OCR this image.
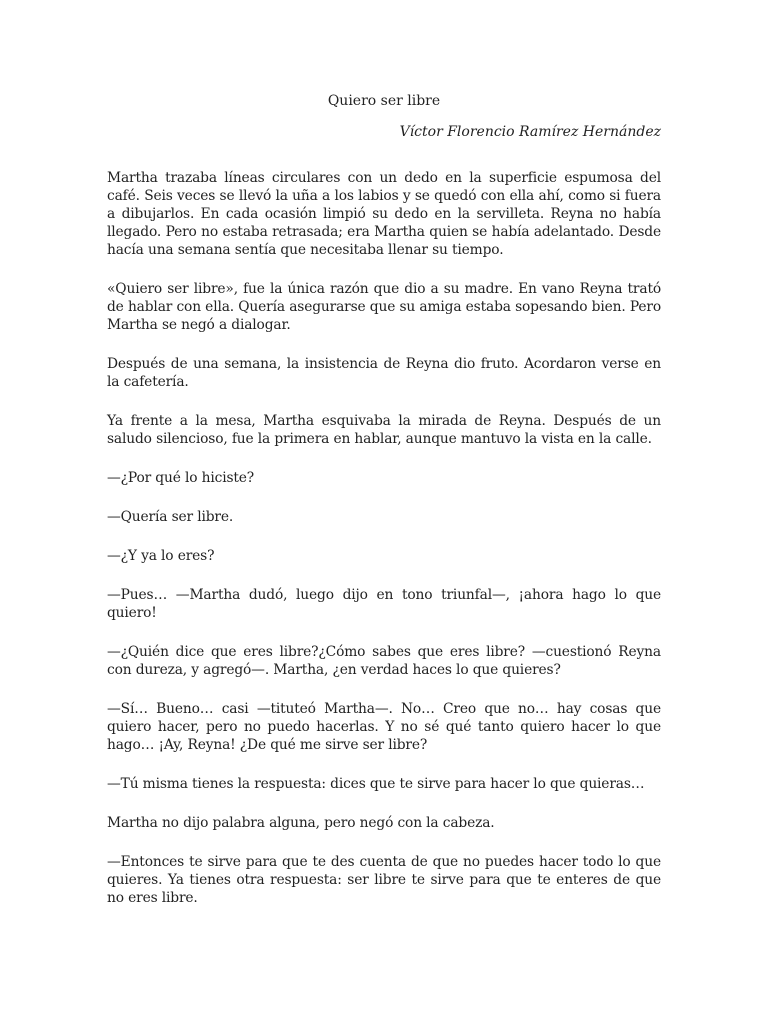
Quiero ser libre
Víctor Florencio Ramírez Hernández

Martha trazaba líneas circulares con un dedo en la superficie espumosa del café. Seis veces se llevó la uña a los labios y se quedó con ella ahí, como si fuera a dibujarlos. En cada ocasión limpió su dedo en la servilleta. Reyna no había llegado. Pero no estaba retrasada; era Martha quien se había adelantado. Desde hacía una semana sentía que necesitaba llenar su tiempo.

«Quiero ser libre», fue la única razón que dio a su madre. En vano Reyna trató de hablar con ella. Quería asegurarse que su amiga estaba sopesando bien. Pero Martha se negó a dialogar.

Después de una semana, la insistencia de Reyna dio fruto. Acordaron verse en la cafetería.

Ya frente a la mesa, Martha esquivaba la mirada de Reyna. Después de un saludo silencioso, fue la primera en hablar, aunque mantuvo la vista en la calle.

—¿Por qué lo hiciste?

—Quería ser libre.

—¿Y ya lo eres?

—Pues… —Martha dudó, luego dijo en tono triunfal—, ¡ahora hago lo que quiero!

—¿Quién dice que eres libre?¿Cómo sabes que eres libre? —cuestionó Reyna con dureza, y agregó—. Martha, ¿en verdad haces lo que quieres?

—Sí… Bueno… casi —tituteó Martha—. No… Creo que no… hay cosas que quiero hacer, pero no puedo hacerlas. Y no sé qué tanto quiero hacer lo que hago… ¡Ay, Reyna! ¿De qué me sirve ser libre?

—Tú misma tienes la respuesta: dices que te sirve para hacer lo que quieras…

Martha no dijo palabra alguna, pero negó con la cabeza.

—Entonces te sirve para que te des cuenta de que no puedes hacer todo lo que quieres. Ya tienes otra respuesta: ser libre te sirve para que te enteres de que no eres libre.
